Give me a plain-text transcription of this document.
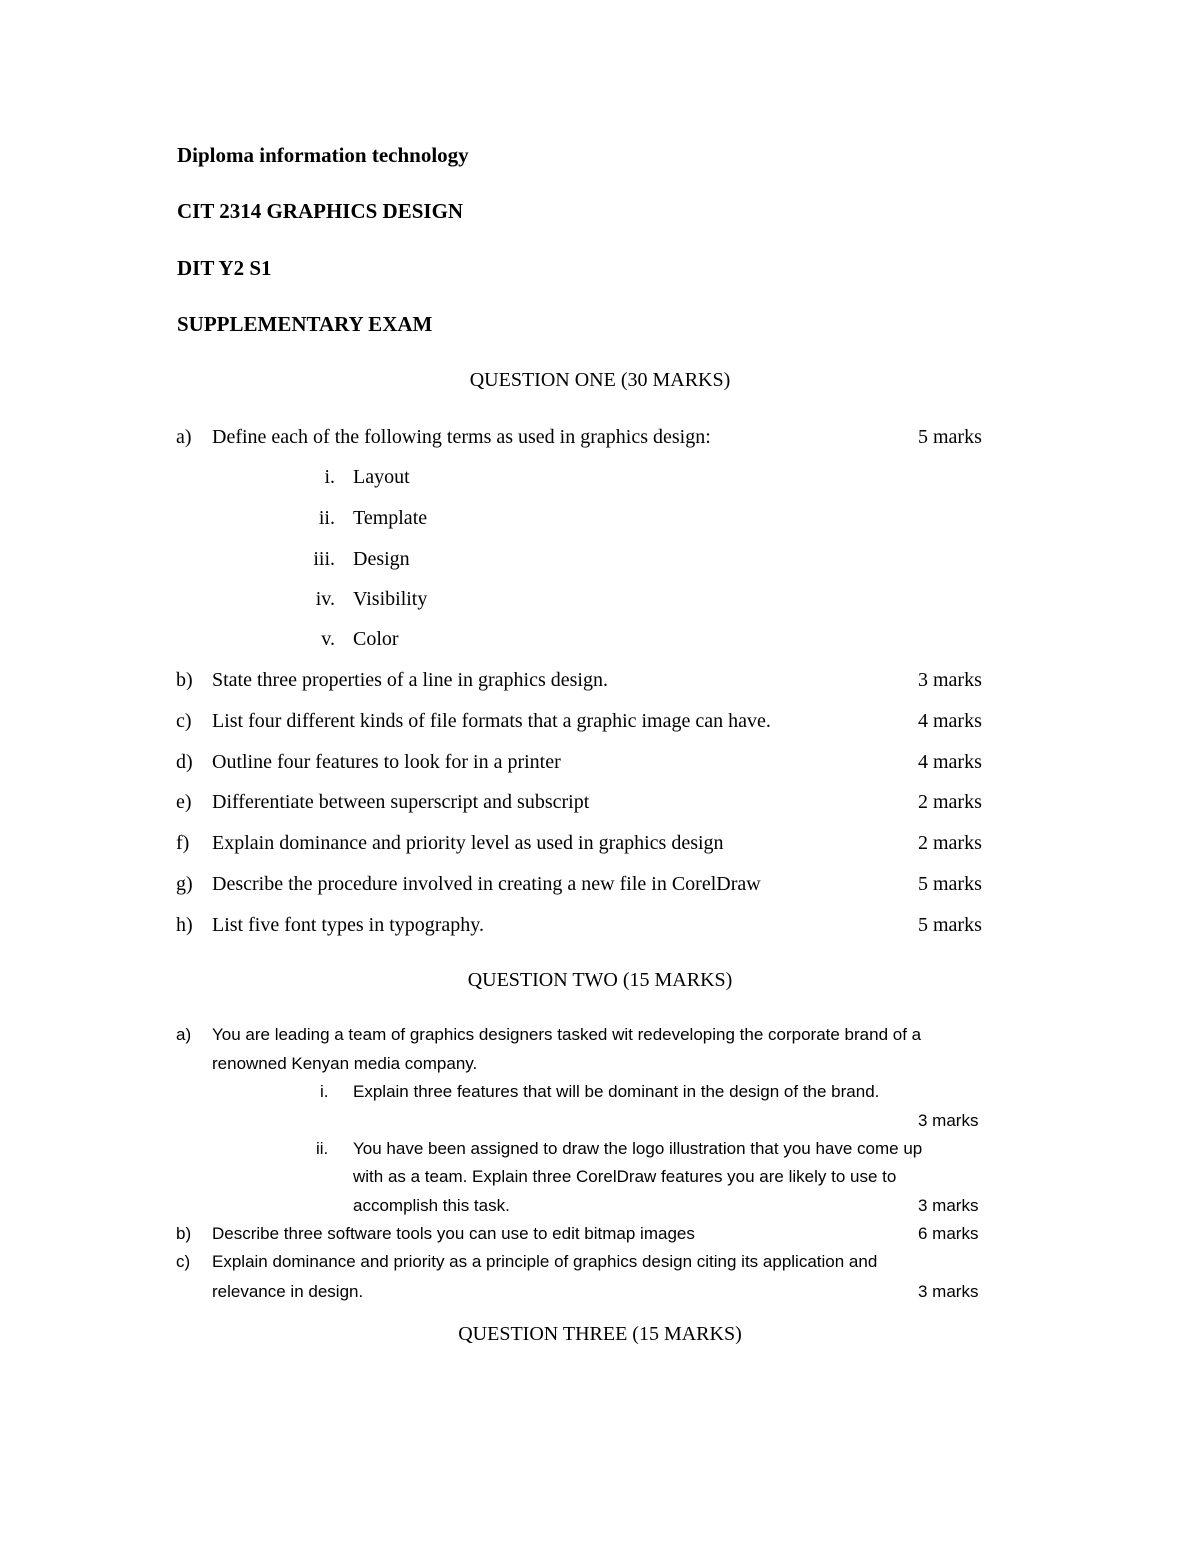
Diploma information technology
CIT 2314 GRAPHICS DESIGN
DIT Y2 S1
SUPPLEMENTARY EXAM
QUESTION ONE (30 MARKS)
a) Define each of the following terms as used in graphics design:	5 marks
i. Layout
ii. Template
iii. Design
iv. Visibility
v. Color
b) State three properties of a line in graphics design.	3 marks
c) List four different kinds of file formats that a graphic image can have.	4 marks
d) Outline four features to look for in a printer	4 marks
e) Differentiate between superscript and subscript	2 marks
f) Explain dominance and priority level as used in graphics design	2 marks
g) Describe the procedure involved in creating a new file in CorelDraw	5 marks
h) List five font types in typography.	5 marks
QUESTION TWO (15 MARKS)
a) You are leading a team of graphics designers tasked wit redeveloping the corporate brand of a
renowned Kenyan media company.
i. Explain three features that will be dominant in the design of the brand.
3 marks
ii. You have been assigned to draw the logo illustration that you have come up
with as a team. Explain three CorelDraw features you are likely to use to
accomplish this task.	3 marks
b) Describe three software tools you can use to edit bitmap images	6 marks
c) Explain dominance and priority as a principle of graphics design citing its application and
relevance in design.	3 marks
QUESTION THREE (15 MARKS)
